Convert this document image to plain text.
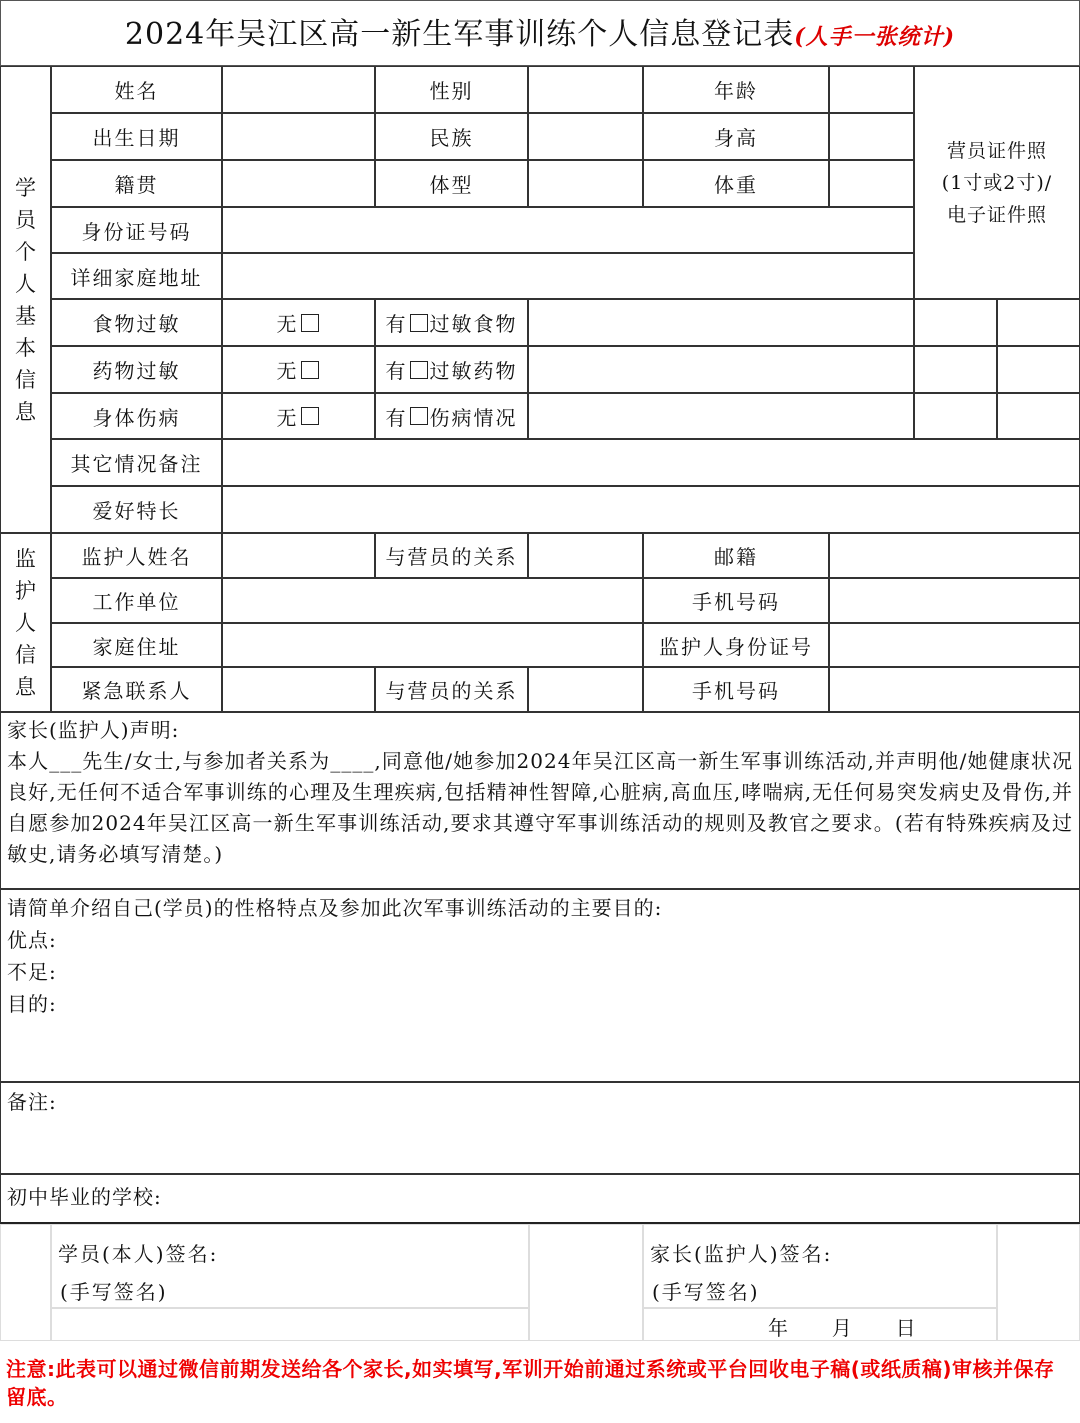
2024年吴江区高一新生军事训练个人信息登记表(人手一张统计)
学
员
个
人
基
本
信
息
姓名	性别	年龄
出生日期	民族	身高
籍贯	体型	体重
营员证件照
(1寸或2寸)/
电子证件照
身份证号码
详细家庭地址
食物过敏	无	有 过敏食物
药物过敏	无	有 过敏药物
身体伤病	无	有 伤病情况
其它情况备注
爱好特长
监
护
人
信
息
监护人姓名	与营员的关系	邮籍
工作单位	手机号码
家庭住址	监护人身份证号
紧急联系人	与营员的关系	手机号码
家长(监护人)声明:
本人___先生/女士,与参加者关系为____,同意他/她参加2024年吴江区高一新生军事训练活动,并声明他/她健康状况良好,无任何不适合军事训练的心理及生理疾病,包括精神性智障,心脏病,高血压,哮喘病,无任何易突发病史及骨伤,并自愿参加2024年吴江区高一新生军事训练活动,要求其遵守军事训练活动的规则及教官之要求。(若有特殊疾病及过敏史,请务必填写清楚。)
请简单介绍自己(学员)的性格特点及参加此次军事训练活动的主要目的:
优点:
不足:
目的:
备注:
初中毕业的学校:
学员(本人)签名:
(手写签名)
家长(监护人)签名:
(手写签名)
年     月     日
注意:此表可以通过微信前期发送给各个家长,如实填写,军训开始前通过系统或平台回收电子稿(或纸质稿)审核并保存留底。
